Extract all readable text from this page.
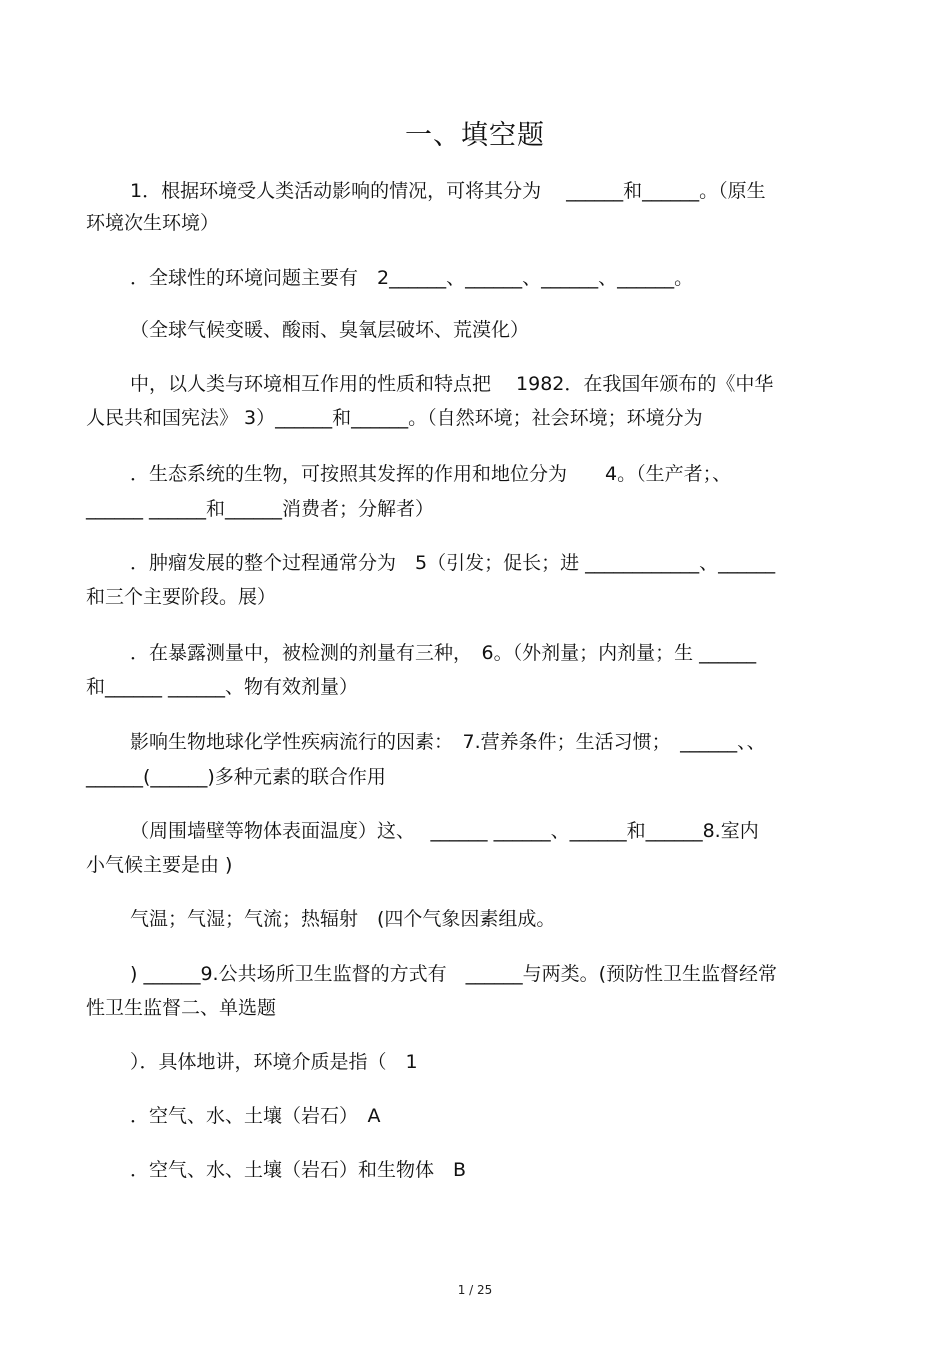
一、填空题
1．根据环境受人类活动影响的情况，可将其分为　 ______和______。（原生
环境次生环境）
．全球性的环境问题主要有　2______、______、______、______。
（全球气候变暖、酸雨、臭氧层破坏、荒漠化）
中，以人类与环境相互作用的性质和特点把　 1982．在我国年颁布的《中华
人民共和国宪法》 3）______和______。（自然环境；社会环境；环境分为
．生态系统的生物，可按照其发挥的作用和地位分为　　4。（生产者；、
______ ______和______消费者；分解者）
．肿瘤发展的整个过程通常分为　5（引发；促长；进 ____________、______
和三个主要阶段。展）
．在暴露测量中，被检测的剂量有三种，　6。（外剂量；内剂量；生 ______
和______ ______、物有效剂量）
影响生物地球化学性疾病流行的因素：　7.营养条件；生活习惯；　______、、
______(______)多种元素的联合作用
（周围墙壁等物体表面温度）这、　 ______ ______、______和______8.室内
小气候主要是由 )
气温；气湿；气流；热辐射　(四个气象因素组成。
) ______9.公共场所卫生监督的方式有　______与两类。(预防性卫生监督经常
性卫生监督二、单选题
）．具体地讲，环境介质是指（　1
．空气、水、土壤（岩石）　A
．空气、水、土壤（岩石）和生物体　B
1 / 25
